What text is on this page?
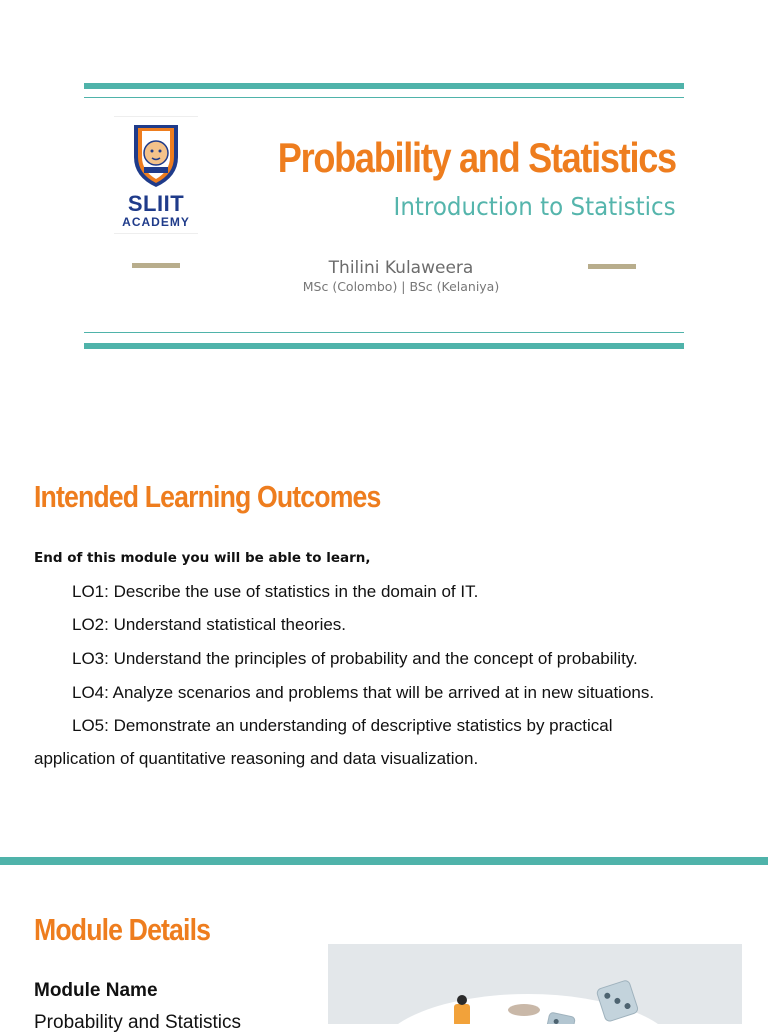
SLIIT
ACADEMY
Probability and Statistics
Introduction to Statistics
Thilini Kulaweera
MSc (Colombo) | BSc (Kelaniya)
Intended Learning Outcomes
End of this module you will be able to learn,
LO1: Describe the use of statistics in the domain of IT.
LO2: Understand statistical theories.
LO3: Understand the principles of probability and the concept of probability.
LO4: Analyze scenarios and problems that will be arrived at in new situations.
LO5: Demonstrate an understanding of descriptive statistics by practical
application of quantitative reasoning and data visualization.
Module Details
Module Name
Probability and Statistics
